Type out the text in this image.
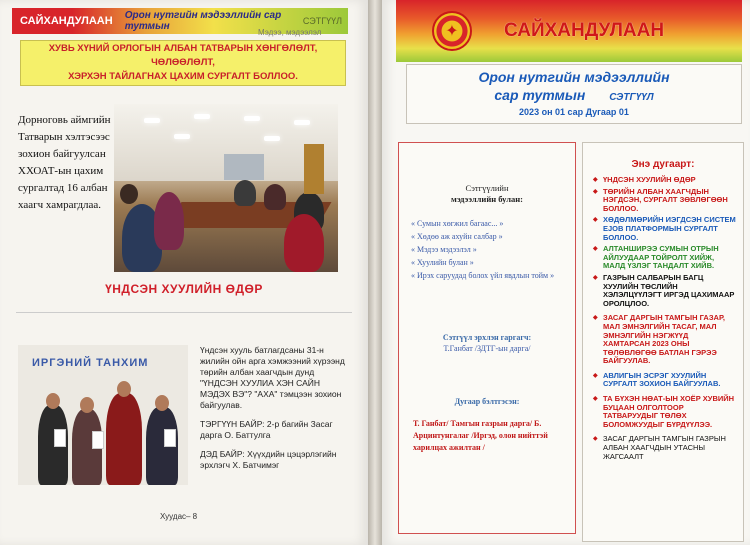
САЙХАНДУЛААН Орон нутгийн мэдээллийн сар тутмын	СЭТГҮҮЛ
Мэдээ, мэдээлэл
ХУВЬ ХҮНИЙ ОРЛОГЫН АЛБАН ТАТВАРЫН ХӨНГӨЛӨЛТ, ЧӨЛӨӨЛӨЛТ,
ХЭРХЭН ТАЙЛАГНАХ ЦАХИМ СУРГАЛТ БОЛЛОО.
Дорноговь аймгийн Татварын хэлтэсээс зохион байгуулсан ХХОАТ-ын цахим сургалтад 16 албан хаагч хамрагдлаа.
ҮНДСЭН ХУУЛИЙН ӨДӨР
ИРГЭНИЙ ТАНХИМ

Үндсэн хууль батлагдсаны 31-н жилийн ойн арга хэмжээний хүрээнд төрийн албан хаагчдын дунд "ҮНДСЭН ХУУЛИА ХЭН САЙН МЭДЭХ ВЭ"? "АХА" тэмцээн зохион байгуулав.

ТЭРГҮҮН БАЙР: 2-р багийн Засаг дарга О. Баттулга

ДЭД БАЙР: Хүүхдийн цэцэрлэгийн эрхлэгч Х. Батчимэг

Хуудас– 8
✦	САЙХАНДУЛААН
Орон нутгийн мэдээллийн
сар тутмын СЭТГҮҮЛ
2023 он 01 сар Дугаар 01
Сэтгүүлийн
мэдээллийн булан:
« Сумын хөгжил багаас... »
« Хөдөө аж ахуйн салбар »
« Мэдээ мэдээлэл »
« Хуулийн булан »
« Ирэх саруудад болох үйл явдлын тойм »
Сэтгүүл эрхлэн гаргагч:
Т.Ганбат /ЗДТГ-ын дарга/
Дугаар бэлтгэсэн:
Т. Ганбат/ Тамгын газрын дарга/ Б. Арцинтунгалаг /Иргэд, олон нийттэй харилцах ажилтан /
Энэ дугаарт:
◆ ҮНДСЭН ХУУЛИЙН ӨДӨР
◆ ТӨРИЙН АЛБАН ХААГЧДЫН НЭГДСЭН, СУРГАЛТ ЗӨВЛӨГӨӨН БОЛЛОО.
◆ ХӨДӨЛМӨРИЙН ИЭГДСЭН СИСТЕМ EJOB ПЛАТФОРМЫН СУРГАЛТ БОЛЛОО.
◆ АЛТАНШИРЭЭ СУМЫН ОТРЫН АЙЛУУДААР ТОЙРОЛТ ХИЙЖ, МАЛД ҮЗЛЭГ ТАНДАЛТ ХИЙВ.
◆ ГАЗРЫН САЛБАРЫН БАГЦ ХУУЛИЙН ТӨСЛИЙН ХЭЛЭЛЦҮҮЛЭГТ ИРГЭД ЦАХИМААР ОРОЛЦЛОО.
◆ ЗАСАГ ДАРГЫН ТАМГЫН ГАЗАР, МАЛ ЭМНЭЛГИЙН ТАСАГ, МАЛ ЭМНЭЛГИЙН НЭГЖҮҮД ХАМТАРСАН 2023 ОНЫ ТӨЛӨВЛӨГӨӨ БАТЛАН ГЭРЭЭ БАЙГУУЛАВ.
◆ АВЛИГЫН ЭСРЭГ ХУУЛИЙН СУРГАЛТ ЗОХИОН БАЙГУУЛАВ.
◆ ТА БҮХЭН НӨАТ-ЫН ХОЁР ХУВИЙН БУЦААН ОЛГОЛТООР ТАТВАРУУДЫГ ТӨЛӨХ БОЛОМЖУУДЫГ БҮРДҮҮЛЭЭ.
◆ ЗАСАГ ДАРГЫН ТАМГЫН ГАЗРЫН АЛБАН ХААГЧДЫН УТАСНЫ ЖАГСААЛТ
